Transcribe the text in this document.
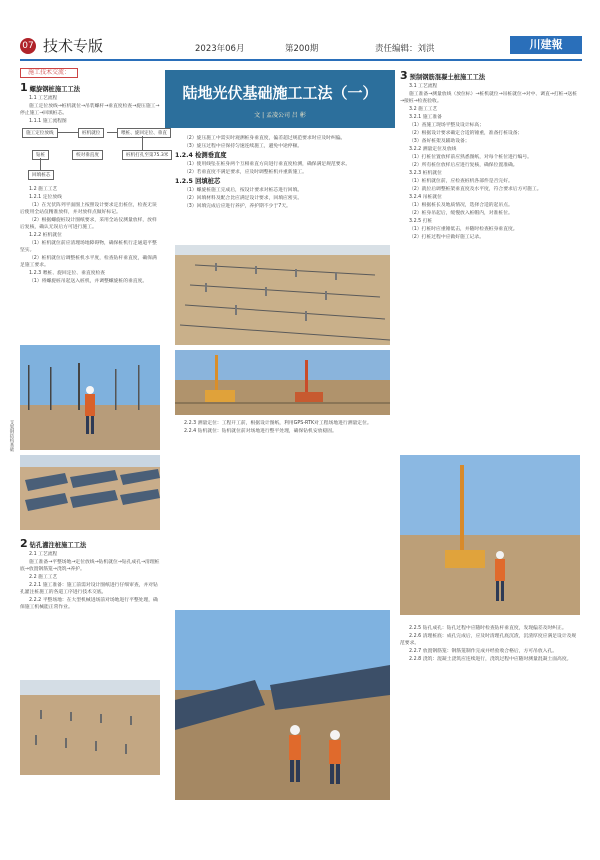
07 技术专版	2023年06月	第200期	责任编辑：刘洪	川建報
施工技术交流：
陆地光伏基础施工工法（一）
文 | 孟凌公司 吕 彬
1 螺旋钢桩施工工法

1.1 工艺流程

施工定位放线→桩机就位→吊装螺杆→垂直度检查→旋压施工→停止施工→回填桩芯。

1.1.1 施工流程图

施工定位放线	桩机就位	喂桩、旋回定位、垂直
钻桩	校对垂直度	桩机打孔至第75.3米
回填桩芯

1.2 施工工艺

1.2.1 定位放线

（1）在光伏阵列平面图上按照设计要求定出桩位，检查无误后使用全站仪精准放样，并对放样点做好标记。

（2）根据螺旋桩设计图纸要求，采用全站仪测量放样，放样后复核，确认无误后方可进行施工。

1.2.2 桩机就位

（1）桩机就位前应清理场地障碍物，确保桩机行走通道平整坚实。

（2）桩机就位后调整桩机水平度，检查钻杆垂直度，确保满足施工要求。

1.2.3 喂桩、旋回定位、垂直度检查

（1）将螺旋桩吊起送入桩机，并调整螺旋桩的垂直度。

支架钢结构基础

（2）旋压施工中需实时观测桩身垂直度，偏差超过规范要求时应及时纠偏。

（3）旋压过程中应保持匀速连续施工，避免中途停顿。

1.2.4 检测垂直度

（1）使用线坠在桩身两个互相垂直方向进行垂直度检测，确保满足规范要求。

（2）若垂直度不满足要求，应及时调整桩机并重新施工。

1.2.5 回填桩芯

（1）螺旋桩施工完成后，按设计要求对桩芯进行回填。

（2）回填材料及配合比应满足设计要求，回填应密实。

（3）回填完成后应进行养护，养护期不少于7天。

2.2.3 测量定位：工程开工前，根据设计图纸，利用GPS-RTK对工程场地进行测量定位。

2.2.4 钻机就位：钻机就位前对场地进行整平处理，确保钻机安放稳固。

3 预制钢筋混凝土桩施工工法

3.1 工艺流程

施工准备→测量放线（放位标）→桩机就位→吊桩就位→对中、调直→打桩→送桩→接桩→检查验收。

3.2 施工工艺

3.2.1 施工准备

（1）查施工现场平整及设计标高；

（2）根据设计要求确定合适的锤重，准备打桩设备；

（3）备好桩架及辅助设备；

3.2.2 测量定位及放线

（1）打桩位置放样前应熟悉图纸，对每个桩位进行编号。

（2）所有桩位放样后应进行复核，确保位置准确。

3.2.3 桩机就位

（1）桩机就位前，应检查桩机各部件是否完好。

（2）就位后调整桩架垂直度及水平度，符合要求后方可施工。

3.2.4 吊桩就位

（1）根据桩长及地质情况，选择合适的起吊点。

（2）桩身吊起后，缓慢放入桩帽内，对准桩位。

3.2.5 打桩

（1）打桩时应重锤低击，并随时检查桩身垂直度。

（2）打桩过程中应做好施工记录。

2 钻孔灌注桩施工工法

2.1 工艺流程

施工准备→平整场地→定位放线→钻机就位→钻孔成孔→清理桩底→放置钢筋笼→浇筑→养护。

2.2 施工工艺

2.2.1 施工准备：施工前需对设计图纸进行仔细审查，并对钻孔灌注桩施工的各道工序进行技术交底。

2.2.2 平整场地：在大型机械进场前对场地进行平整处理，确保施工机械能正常作业。

2.2.5 钻孔成孔：钻孔过程中应随时检查钻杆垂直度，发现偏差及时纠正。

2.2.6 清理桩底：成孔完成后，应及时清理孔底沉渣，沉渣厚度应满足设计及规范要求。

2.2.7 放置钢筋笼：钢筋笼制作完成并经验收合格后，方可吊放入孔。

2.2.8 浇筑：混凝土浇筑应连续进行，浇筑过程中应随时测量混凝土面高度。
